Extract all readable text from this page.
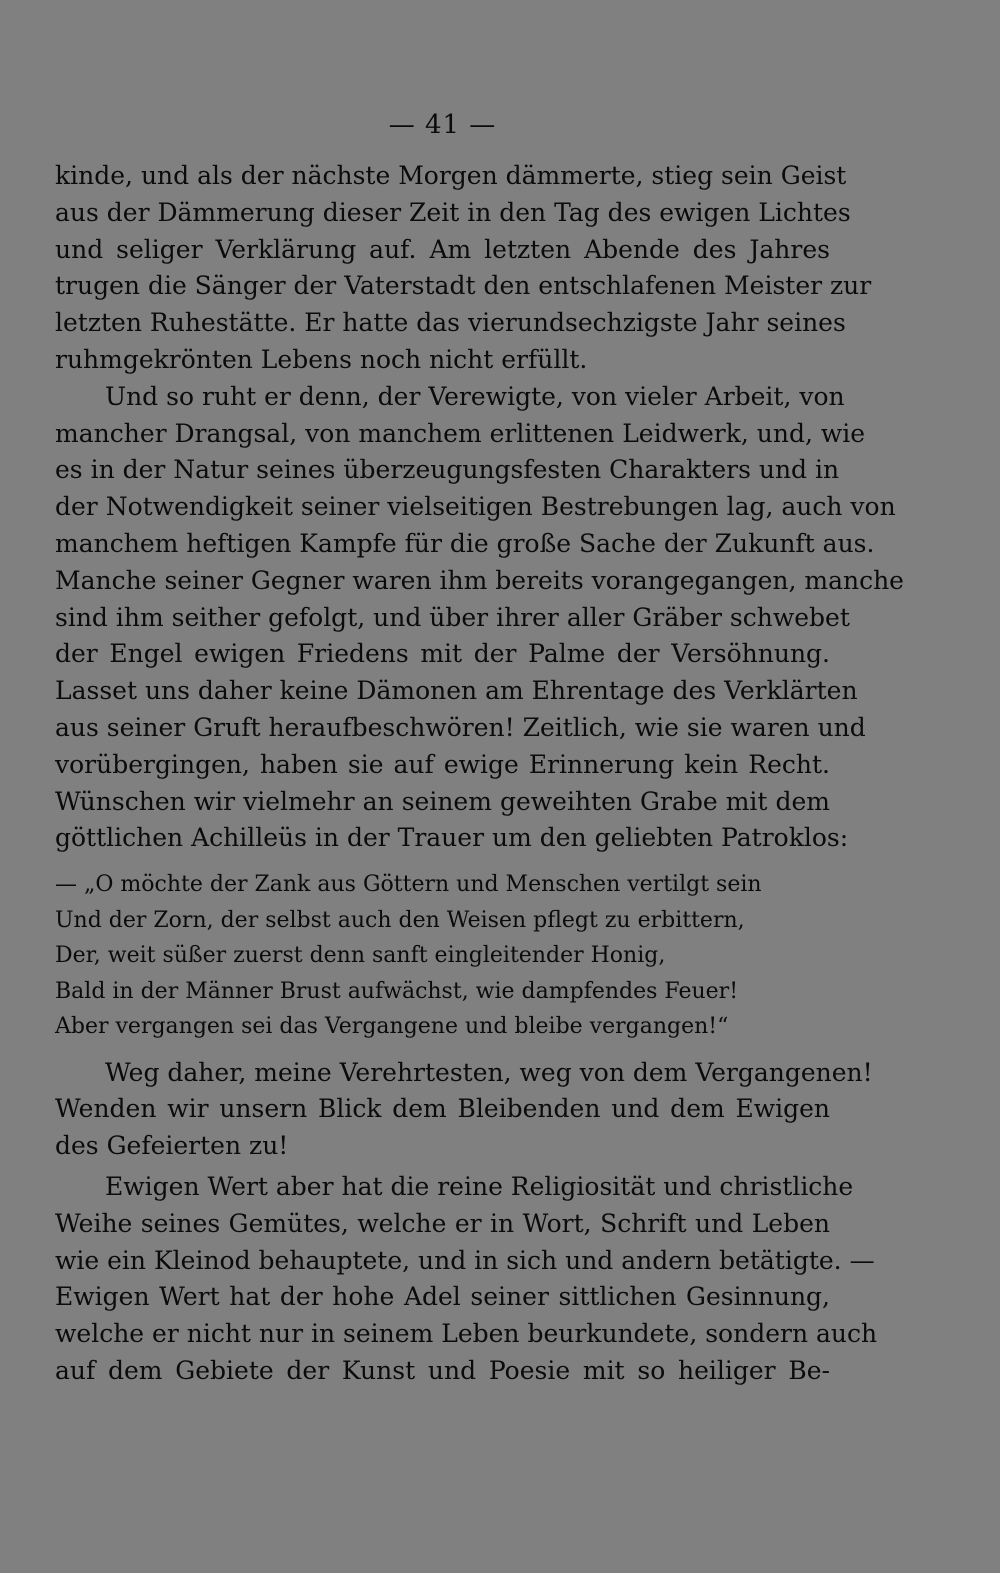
— 41 —
kinde, und als der nächste Morgen dämmerte, stieg sein Geist
aus der Dämmerung dieser Zeit in den Tag des ewigen Lichtes
und seliger Verklärung auf. Am letzten Abende des Jahres
trugen die Sänger der Vaterstadt den entschlafenen Meister zur
letzten Ruhestätte. Er hatte das vierundsechzigste Jahr seines
ruhmgekrönten Lebens noch nicht erfüllt.
Und so ruht er denn, der Verewigte, von vieler Arbeit, von
mancher Drangsal, von manchem erlittenen Leidwerk, und, wie
es in der Natur seines überzeugungsfesten Charakters und in
der Notwendigkeit seiner vielseitigen Bestrebungen lag, auch von
manchem heftigen Kampfe für die große Sache der Zukunft aus.
Manche seiner Gegner waren ihm bereits vorangegangen, manche
sind ihm seither gefolgt, und über ihrer aller Gräber schwebet
der Engel ewigen Friedens mit der Palme der Versöhnung.
Lasset uns daher keine Dämonen am Ehrentage des Verklärten
aus seiner Gruft heraufbeschwören! Zeitlich, wie sie waren und
vorübergingen, haben sie auf ewige Erinnerung kein Recht.
Wünschen wir vielmehr an seinem geweihten Grabe mit dem
göttlichen Achilleüs in der Trauer um den geliebten Patroklos:
— „O möchte der Zank aus Göttern und Menschen vertilgt sein
Und der Zorn, der selbst auch den Weisen pflegt zu erbittern,
Der, weit süßer zuerst denn sanft eingleitender Honig,
Bald in der Männer Brust aufwächst, wie dampfendes Feuer!
Aber vergangen sei das Vergangene und bleibe vergangen!“
Weg daher, meine Verehrtesten, weg von dem Vergangenen!
Wenden wir unsern Blick dem Bleibenden und dem Ewigen
des Gefeierten zu!
Ewigen Wert aber hat die reine Religiosität und christliche
Weihe seines Gemütes, welche er in Wort, Schrift und Leben
wie ein Kleinod behauptete, und in sich und andern betätigte. —
Ewigen Wert hat der hohe Adel seiner sittlichen Gesinnung,
welche er nicht nur in seinem Leben beurkundete, sondern auch
auf dem Gebiete der Kunst und Poesie mit so heiliger Be-
